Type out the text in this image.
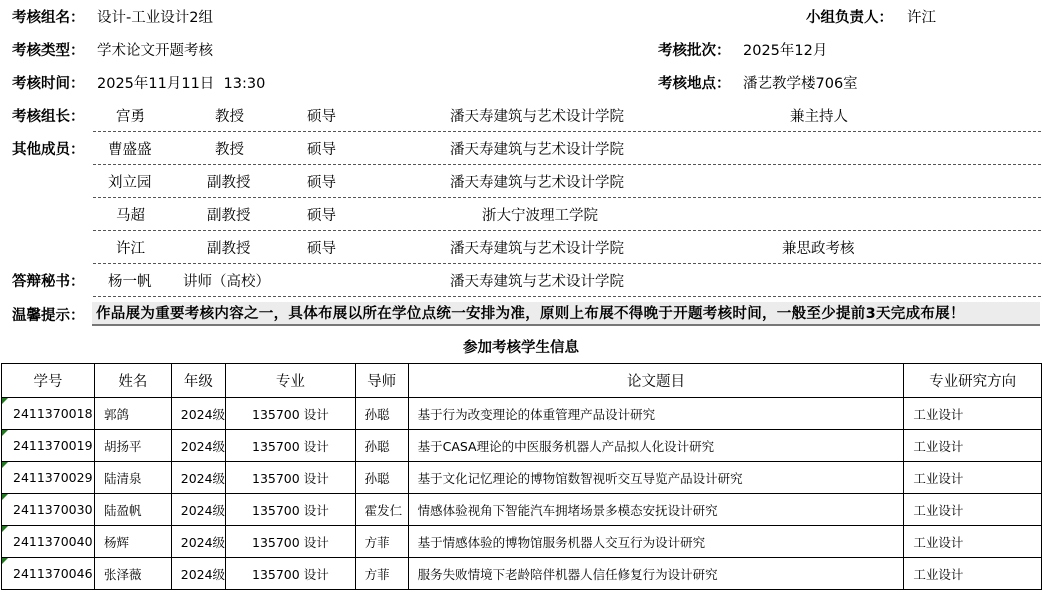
考核组名： 设计-工业设计2组	小组负责人： 许江
考核类型： 学术论文开题考核	考核批次： 2025年12月
考核时间： 2025年11月11日  13:30	考核地点： 潘艺教学楼706室
考核组长： 宫勇	教授	硕导	潘天寿建筑与艺术设计学院	兼主持人
其他成员： 曹盛盛	教授	硕导	潘天寿建筑与艺术设计学院
刘立园	副教授	硕导	潘天寿建筑与艺术设计学院
马超	副教授	硕导	浙大宁波理工学院
许江	副教授	硕导	潘天寿建筑与艺术设计学院	兼思政考核
答辩秘书： 杨一帆 讲师（高校）	潘天寿建筑与艺术设计学院
温馨提示： 作品展为重要考核内容之一，具体布展以所在学位点统一安排为准，原则上布展不得晚于开题考核时间，一般至少提前3天完成布展！
参加考核学生信息
学号	姓名	年级	专业	导师	论文题目	专业研究方向

2411370018	郭鸽	2024级	135700 设计	孙聪	基于行为改变理论的体重管理产品设计研究	工业设计

2411370019	胡扬平	2024级	135700 设计	孙聪	基于CASA理论的中医服务机器人产品拟人化设计研究	工业设计

2411370029	陆清泉	2024级	135700 设计	孙聪	基于文化记忆理论的博物馆数智视听交互导览产品设计研究	工业设计

2411370030	陆盈帆	2024级	135700 设计	霍发仁	情感体验视角下智能汽车拥堵场景多模态安抚设计研究	工业设计

2411370040	杨辉	2024级	135700 设计	方菲	基于情感体验的博物馆服务机器人交互行为设计研究	工业设计

2411370046	张泽薇	2024级	135700 设计	方菲	服务失败情境下老龄陪伴机器人信任修复行为设计研究	工业设计
